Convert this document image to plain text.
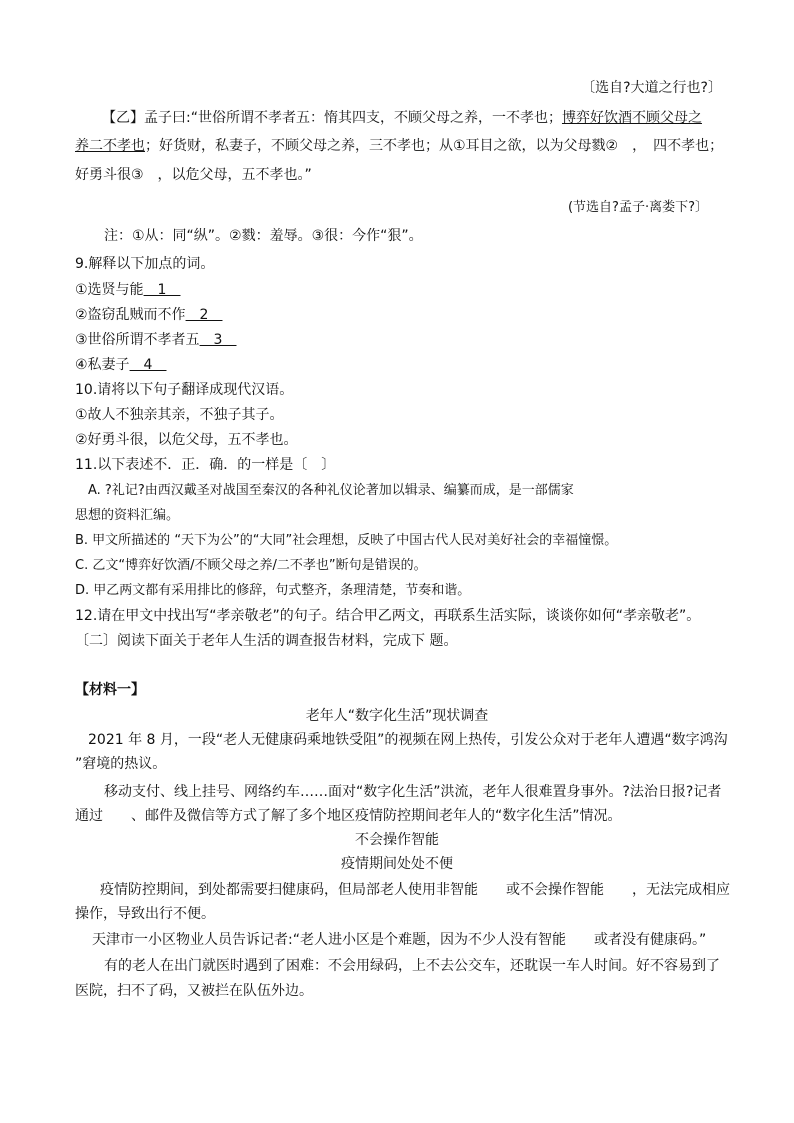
〔选自?大道之行也?〕
【乙】孟子曰:“世俗所谓不孝者五：惰其四支，不顾父母之养，一不孝也；博弈好饮酒不顾父母之
养二不孝也；好货财，私妻子，不顾父母之养，三不孝也；从①耳目之欲，以为父母戮②　，　四不孝也；
好勇斗很③　，以危父母，五不孝也。”
(节选自?孟子·离娄下?〕
注：①从：同“纵”。②戮：羞辱。③很：今作“狠”。
9.解释以下加点的词。
①选贤与能　1　
②盗窃乱贼而不作　2　
③世俗所谓不孝者五　3　
④私妻子　4　
10.请将以下句子翻译成现代汉语。
①故人不独亲其亲，不独子其子。
②好勇斗很，以危父母，五不孝也。
11.以下表述不．正．确．的一样是〔　〕
A. ?礼记?由西汉戴圣对战国至秦汉的各种礼仪论著加以辑录、编纂而成，是一部儒家
思想的资料汇编。
B. 甲文所描述的 “天下为公”的“大同”社会理想，反映了中国古代人民对美好社会的幸福憧憬。
C. 乙文“博弈好饮酒/不顾父母之养/二不孝也”断句是错误的。
D. 甲乙两文都有采用排比的修辞，句式整齐，条理清楚，节奏和谐。
12.请在甲文中找出写“孝亲敬老”的句子。结合甲乙两文，再联系生活实际，谈谈你如何“孝亲敬老”。
〔二〕阅读下面关于老年人生活的调查报告材料，完成下 题。
【材料一】
老年人“数字化生活”现状调查
2021 年 8 月，一段“老人无健康码乘地铁受阻”的视频在网上热传，引发公众对于老年人遭遇“数字鸿沟
”窘境的热议。
移动支付、线上挂号、网络约车……面对“数字化生活”洪流，老年人很难置身事外。?法治日报?记者
通过　　、邮件及微信等方式了解了多个地区疫情防控期间老年人的“数字化生活”情况。
不会操作智能
疫情期间处处不便
疫情防控期间，到处都需要扫健康码，但局部老人使用非智能　　或不会操作智能　　，无法完成相应
操作，导致出行不便。
天津市一小区物业人员告诉记者:“老人进小区是个难题，因为不少人没有智能　　或者没有健康码。”
有的老人在出门就医时遇到了困难：不会用绿码，上不去公交车，还耽误一车人时间。好不容易到了
医院，扫不了码，又被拦在队伍外边。
